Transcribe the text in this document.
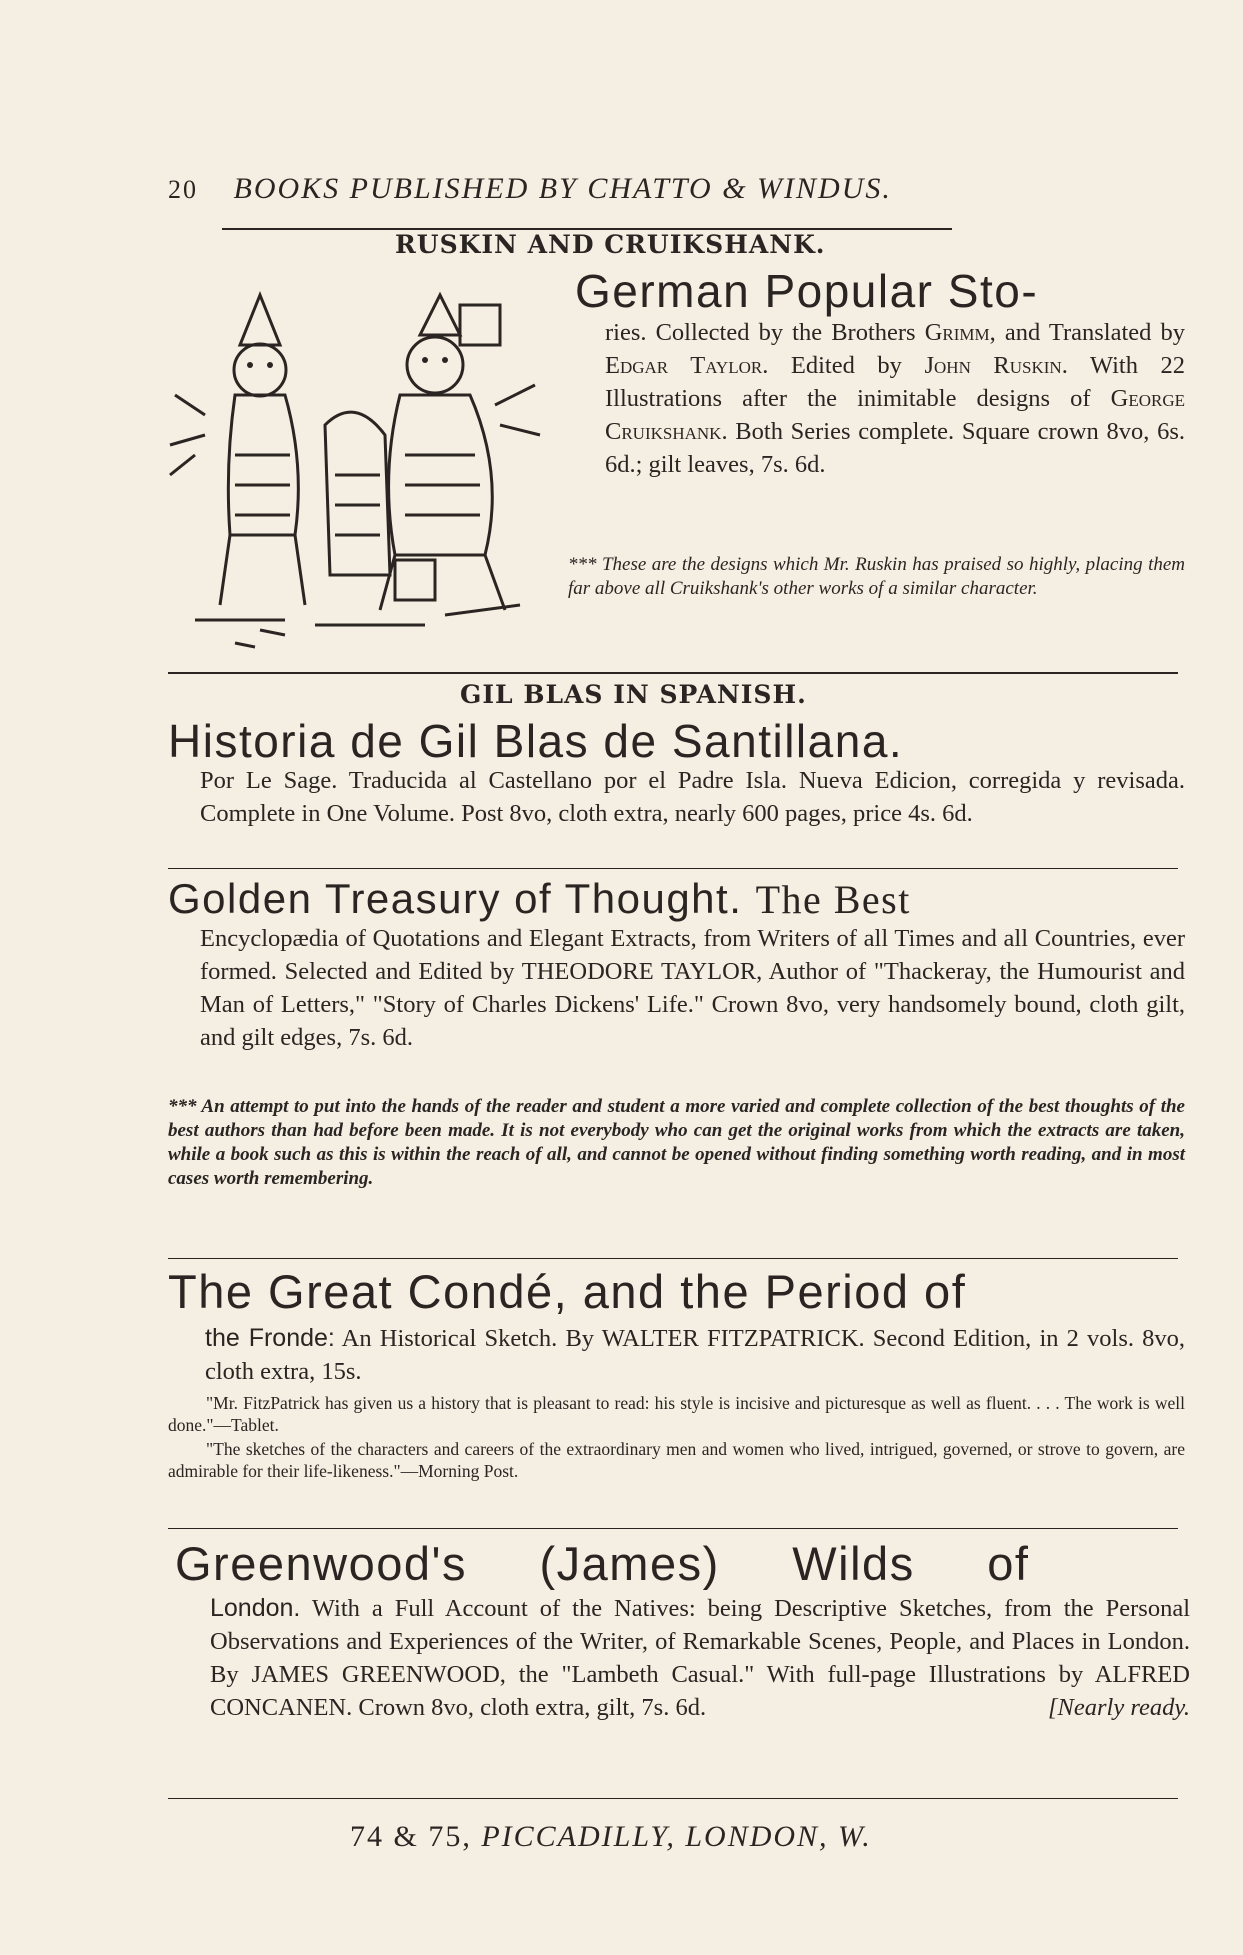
20 BOOKS PUBLISHED BY CHATTO & WINDUS.
RUSKIN AND CRUIKSHANK.
German Popular Sto-
ries. Collected by the Brothers Grimm, and Translated by Edgar Taylor. Edited by John Ruskin. With 22 Illustrations after the inimitable designs of George Cruikshank. Both Series complete. Square crown 8vo, 6s. 6d.; gilt leaves, 7s. 6d.
*** These are the designs which Mr. Ruskin has praised so highly, placing them far above all Cruikshank's other works of a similar character.
GIL BLAS IN SPANISH.
Historia de Gil Blas de Santillana.
Por Le Sage. Traducida al Castellano por el Padre Isla. Nueva Edicion, corregida y revisada. Complete in One Volume. Post 8vo, cloth extra, nearly 600 pages, price 4s. 6d.
Golden Treasury of Thought. The Best
Encyclopædia of Quotations and Elegant Extracts, from Writers of all Times and all Countries, ever formed. Selected and Edited by THEODORE TAYLOR, Author of "Thackeray, the Humourist and Man of Letters," "Story of Charles Dickens' Life." Crown 8vo, very handsomely bound, cloth gilt, and gilt edges, 7s. 6d.
*** An attempt to put into the hands of the reader and student a more varied and complete collection of the best thoughts of the best authors than had before been made. It is not everybody who can get the original works from which the extracts are taken, while a book such as this is within the reach of all, and cannot be opened without finding something worth reading, and in most cases worth remembering.
The Great Condé, and the Period of
the Fronde: An Historical Sketch. By WALTER FITZPATRICK. Second Edition, in 2 vols. 8vo, cloth extra, 15s.
"Mr. FitzPatrick has given us a history that is pleasant to read: his style is incisive and picturesque as well as fluent. . . . The work is well done."—Tablet.
"The sketches of the characters and careers of the extraordinary men and women who lived, intrigued, governed, or strove to govern, are admirable for their life-likeness."—Morning Post.
Greenwood's (James) Wilds of
London. With a Full Account of the Natives: being Descriptive Sketches, from the Personal Observations and Experiences of the Writer, of Remarkable Scenes, People, and Places in London. By JAMES GREENWOOD, the "Lambeth Casual." With full-page Illustrations by ALFRED CONCANEN. Crown 8vo, cloth extra, gilt, 7s. 6d.	[Nearly ready.
74 & 75, PICCADILLY, LONDON, W.
